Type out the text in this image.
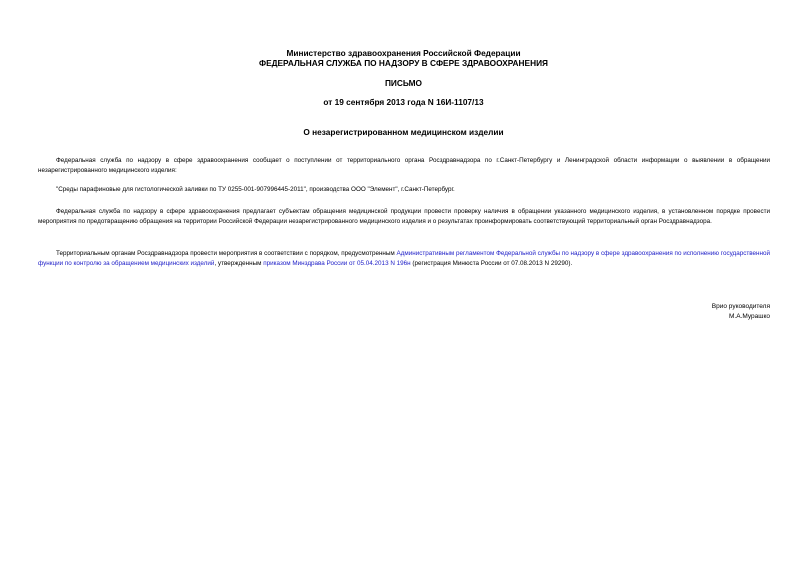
Министерство здравоохранения Российской Федерации
ФЕДЕРАЛЬНАЯ СЛУЖБА ПО НАДЗОРУ В СФЕРЕ ЗДРАВООХРАНЕНИЯ
ПИСЬМО
от 19 сентября 2013 года N 16И-1107/13
О незарегистрированном медицинском изделии
Федеральная служба по надзору в сфере здравоохранения сообщает о поступлении от территориального органа Росздравнадзора по г.Санкт-Петербургу и Ленинградской области информации о выявлении в обращении незарегистрированного медицинского изделия:
"Среды парафиновые для гистологической заливки по ТУ 0255-001-907996445-2011", производства ООО "Элемент", г.Санкт-Петербург.
Федеральная служба по надзору в сфере здравоохранения предлагает субъектам обращения медицинской продукции провести проверку наличия в обращении указанного медицинского изделия, в установленном порядке провести мероприятия по предотвращению обращения на территории Российской Федерации незарегистрированного медицинского изделия и о результатах проинформировать соответствующий территориальный орган Росздравнадзора.
Территориальным органам Росздравнадзора провести мероприятия в соответствии с порядком, предусмотренным Административным регламентом Федеральной службы по надзору в сфере здравоохранения по исполнению государственной функции по контролю за обращением медицинских изделий, утвержденным приказом Минздрава России от 05.04.2013 N 196н (регистрация Минюста России от 07.08.2013 N 29290).
Врио руководителя
М.А.Мурашко
